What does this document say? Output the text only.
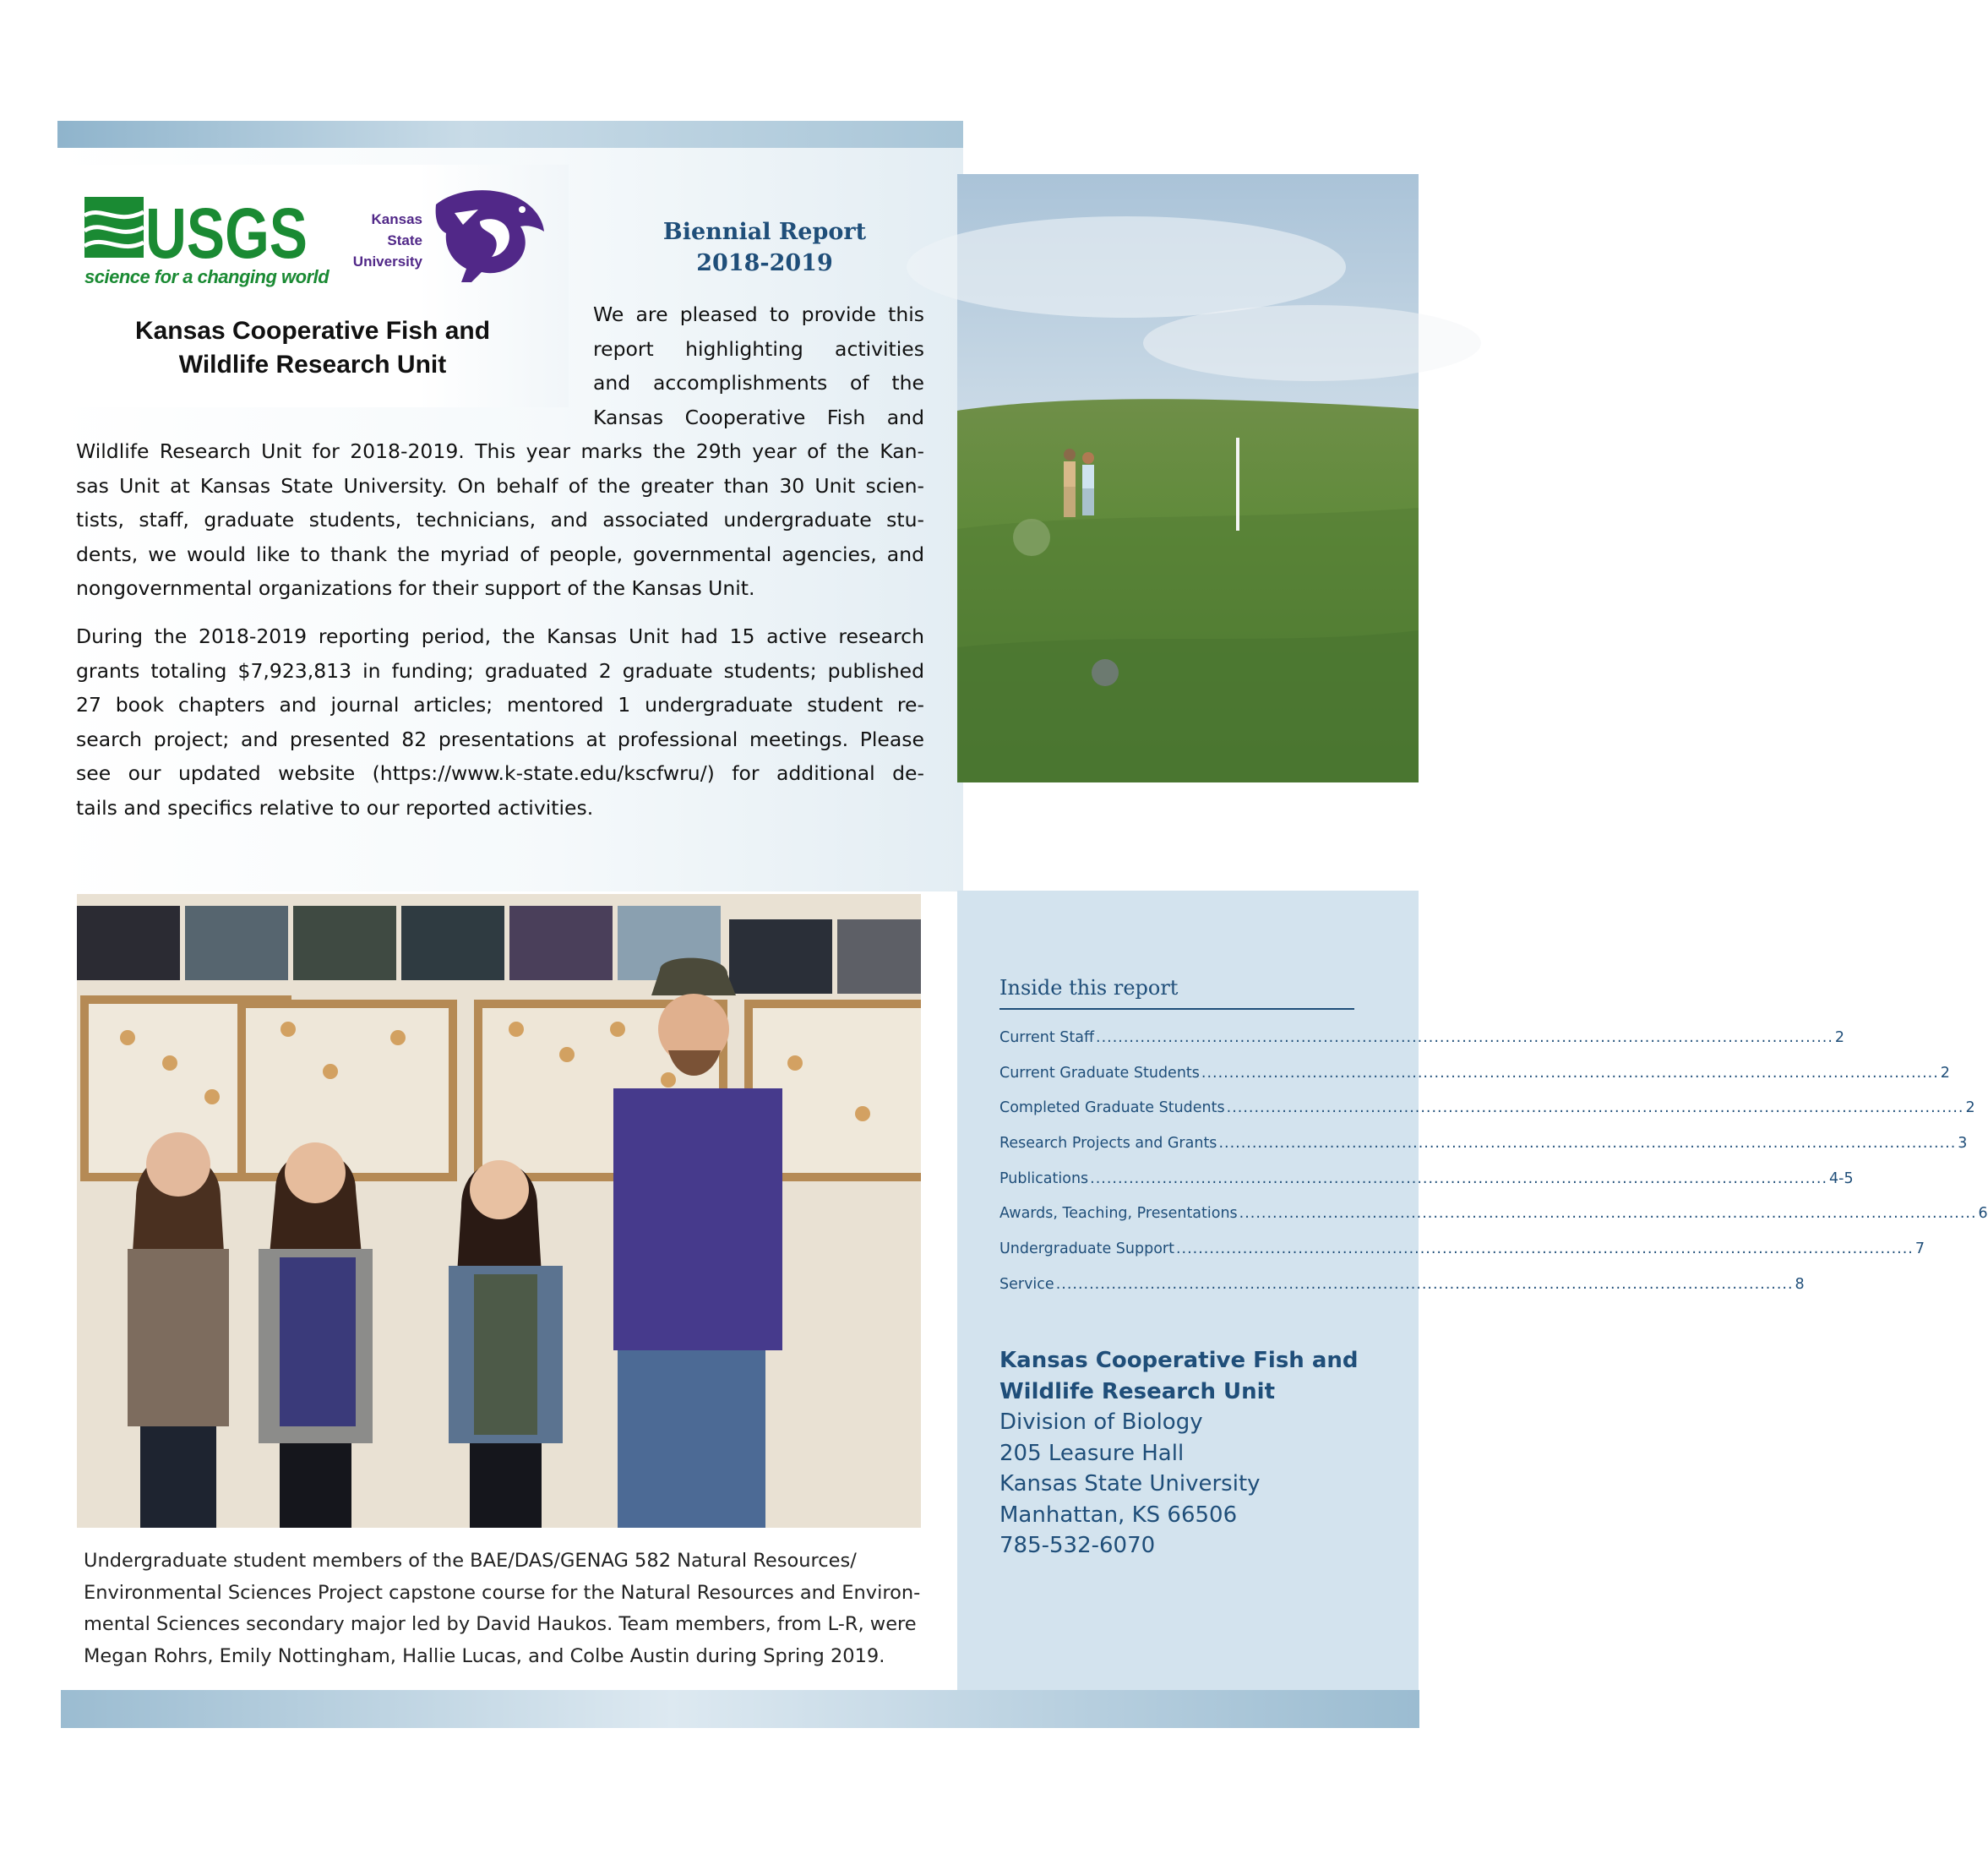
USGS
science for a changing world
Kansas
State
University
Kansas Cooperative Fish and
Wildlife Research Unit
Biennial Report
2018-2019
We are pleased to provide this
report highlighting activities
and accomplishments of the
Kansas Cooperative Fish and
Wildlife Research Unit for 2018-2019. This year marks the 29th year of the Kan-
sas Unit at Kansas State University. On behalf of the greater than 30 Unit scien-
tists, staff, graduate students, technicians, and associated undergraduate stu-
dents, we would like to thank the myriad of people, governmental agencies, and
nongovernmental organizations for their support of the Kansas Unit.
During the 2018-2019 reporting period, the Kansas Unit had 15 active research
grants totaling $7,923,813 in funding; graduated 2 graduate students; published
27 book chapters and journal articles; mentored 1 undergraduate student re-
search project; and presented 82 presentations at professional meetings. Please
see our updated website (https://www.k-state.edu/kscfwru/) for additional de-
tails and specifics relative to our reported activities.
Undergraduate student members of the BAE/DAS/GENAG 582 Natural Resources/
Environmental Sciences Project capstone course for the Natural Resources and Environ-
mental Sciences secondary major led by David Haukos. Team members, from L-R, were
Megan Rohrs, Emily Nottingham, Hallie Lucas, and Colbe Austin during Spring 2019.
Inside this report
Current Staff .....	2
Current Graduate Students .....	2
Completed Graduate Students .....	2
Research Projects and Grants .....	3
Publications .....	4-5
Awards, Teaching, Presentations .....	6
Undergraduate Support .....	7
Service .....	8
Kansas Cooperative Fish and
Wildlife Research Unit
Division of Biology
205 Leasure Hall
Kansas State University
Manhattan, KS 66506
785-532-6070
